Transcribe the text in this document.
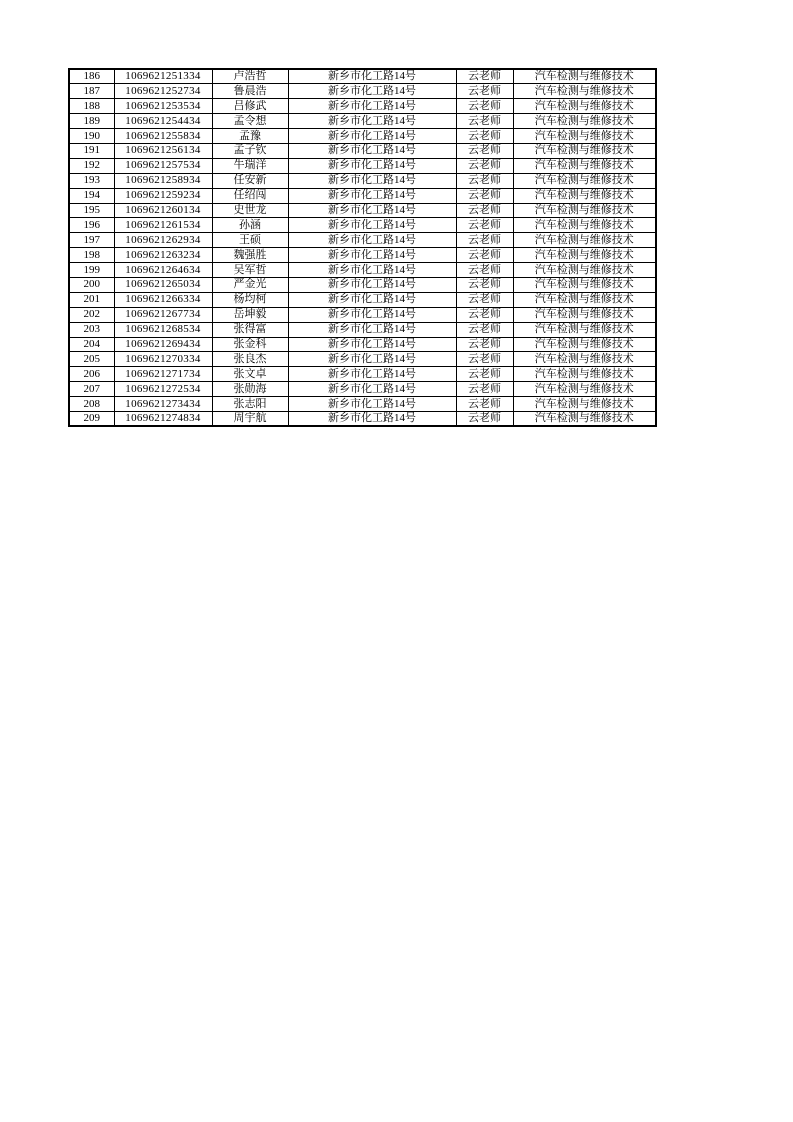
186	1069621251334	卢浩哲	新乡市化工路14号	云老师	汽车检测与维修技术
187	1069621252734	鲁晨浩	新乡市化工路14号	云老师	汽车检测与维修技术
188	1069621253534	吕修武	新乡市化工路14号	云老师	汽车检测与维修技术
189	1069621254434	孟令想	新乡市化工路14号	云老师	汽车检测与维修技术
190	1069621255834	孟豫	新乡市化工路14号	云老师	汽车检测与维修技术
191	1069621256134	孟子钦	新乡市化工路14号	云老师	汽车检测与维修技术
192	1069621257534	牛瑞洋	新乡市化工路14号	云老师	汽车检测与维修技术
193	1069621258934	任安新	新乡市化工路14号	云老师	汽车检测与维修技术
194	1069621259234	任绍闯	新乡市化工路14号	云老师	汽车检测与维修技术
195	1069621260134	史世龙	新乡市化工路14号	云老师	汽车检测与维修技术
196	1069621261534	孙涵	新乡市化工路14号	云老师	汽车检测与维修技术
197	1069621262934	王硕	新乡市化工路14号	云老师	汽车检测与维修技术
198	1069621263234	魏强胜	新乡市化工路14号	云老师	汽车检测与维修技术
199	1069621264634	吴军哲	新乡市化工路14号	云老师	汽车检测与维修技术
200	1069621265034	严金光	新乡市化工路14号	云老师	汽车检测与维修技术
201	1069621266334	杨均柯	新乡市化工路14号	云老师	汽车检测与维修技术
202	1069621267734	岳坤毅	新乡市化工路14号	云老师	汽车检测与维修技术
203	1069621268534	张得富	新乡市化工路14号	云老师	汽车检测与维修技术
204	1069621269434	张金科	新乡市化工路14号	云老师	汽车检测与维修技术
205	1069621270334	张良杰	新乡市化工路14号	云老师	汽车检测与维修技术
206	1069621271734	张文卓	新乡市化工路14号	云老师	汽车检测与维修技术
207	1069621272534	张勋海	新乡市化工路14号	云老师	汽车检测与维修技术
208	1069621273434	张志阳	新乡市化工路14号	云老师	汽车检测与维修技术
209	1069621274834	周宇航	新乡市化工路14号	云老师	汽车检测与维修技术
